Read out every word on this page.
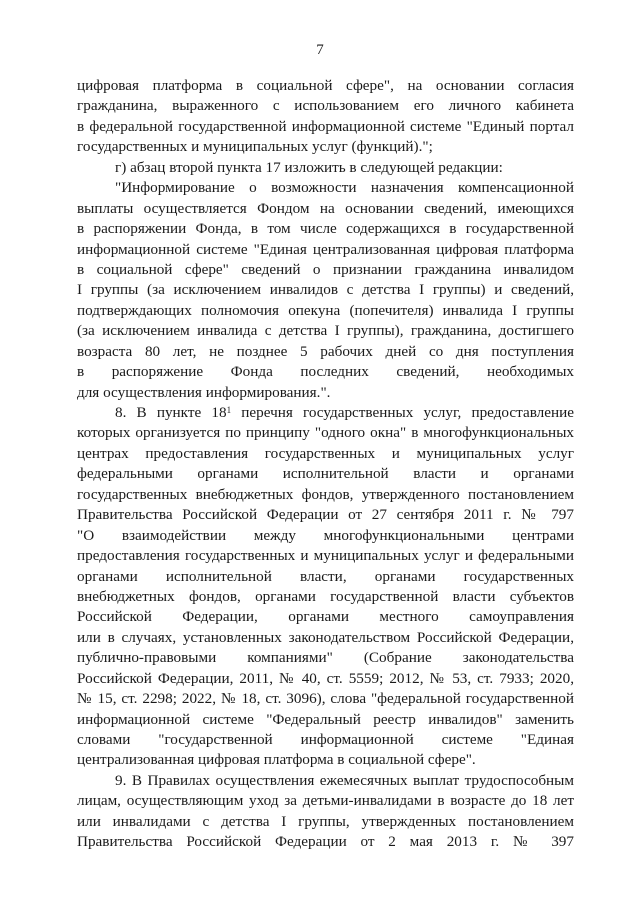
7
цифровая платформа в социальной сфере", на основании согласия
гражданина, выраженного с использованием его личного кабинета
в федеральной государственной информационной системе "Единый портал
государственных и муниципальных услуг (функций).";
г) абзац второй пункта 17 изложить в следующей редакции:
"Информирование о возможности назначения компенсационной
выплаты осуществляется Фондом на основании сведений, имеющихся
в распоряжении Фонда, в том числе содержащихся в государственной
информационной системе "Единая централизованная цифровая платформа
в социальной сфере" сведений о признании гражданина инвалидом
I группы (за исключением инвалидов с детства I группы) и сведений,
подтверждающих полномочия опекуна (попечителя) инвалида I группы
(за исключением инвалида с детства I группы), гражданина, достигшего
возраста 80 лет, не позднее 5 рабочих дней со дня поступления
в распоряжение Фонда последних сведений, необходимых
для осуществления информирования.".
8. В пункте $18^1$ перечня государственных услуг, предоставление
которых организуется по принципу "одного окна" в многофункциональных
центрах предоставления государственных и муниципальных услуг
федеральными органами исполнительной власти и органами
государственных внебюджетных фондов, утвержденного постановлением
Правительства Российской Федерации от 27 сентября 2011 г. № 797
"О взаимодействии между многофункциональными центрами
предоставления государственных и муниципальных услуг и федеральными
органами исполнительной власти, органами государственных
внебюджетных фондов, органами государственной власти субъектов
Российской Федерации, органами местного самоуправления
или в случаях, установленных законодательством Российской Федерации,
публично-правовыми компаниями" (Собрание законодательства
Российской Федерации, 2011, № 40, ст. 5559; 2012, № 53, ст. 7933; 2020,
№ 15, ст. 2298; 2022, № 18, ст. 3096), слова "федеральной государственной
информационной системе "Федеральный реестр инвалидов" заменить
словами "государственной информационной системе "Единая
централизованная цифровая платформа в социальной сфере".
9. В Правилах осуществления ежемесячных выплат трудоспособным
лицам, осуществляющим уход за детьми-инвалидами в возрасте до 18 лет
или инвалидами с детства I группы, утвержденных постановлением
Правительства Российской Федерации от 2 мая 2013 г. № 397
